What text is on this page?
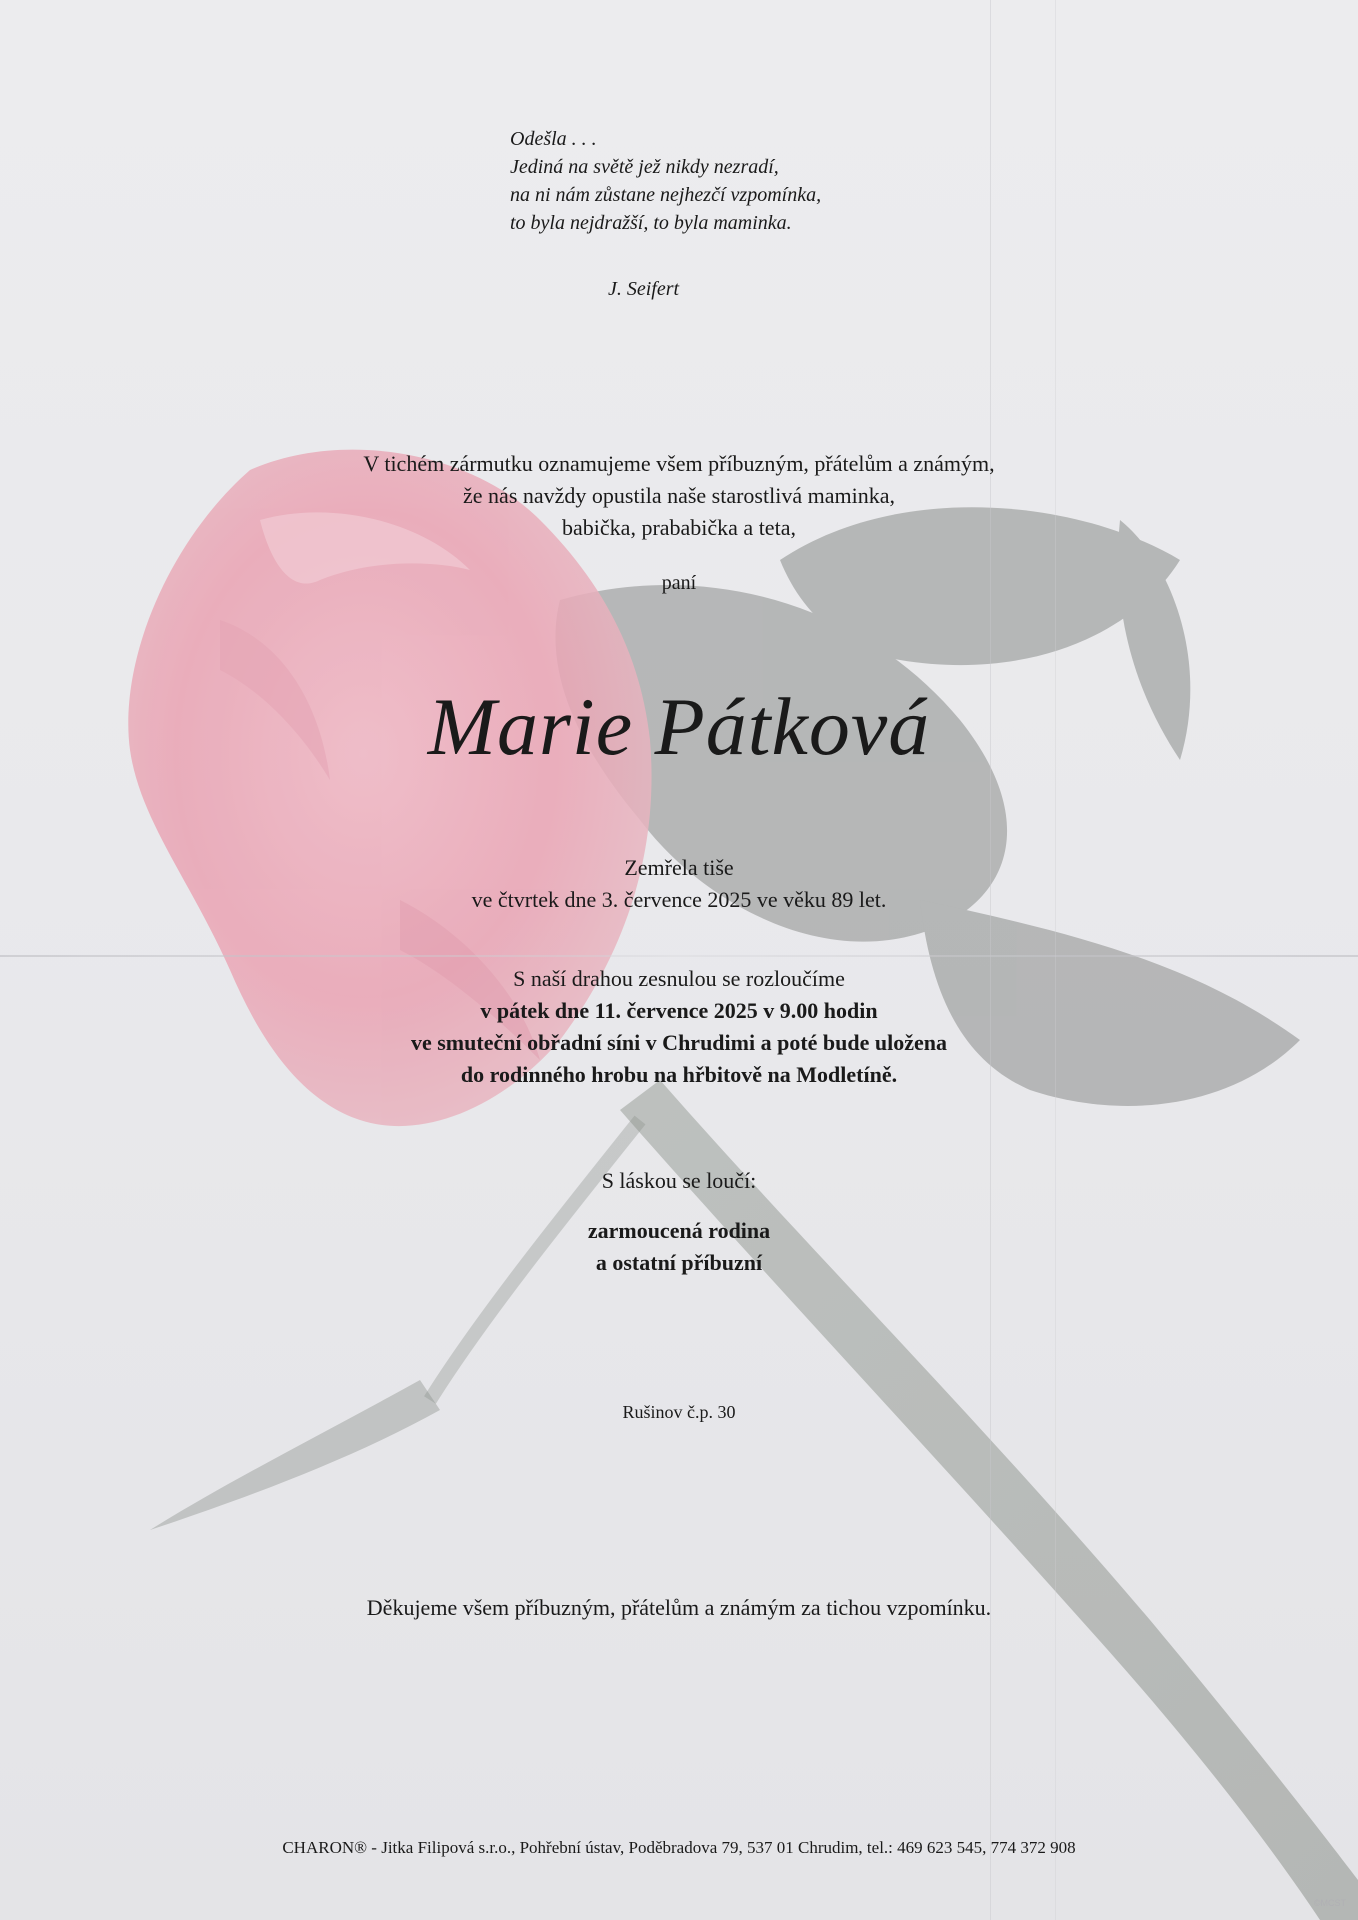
Odešla . . .
Jediná na světě jež nikdy nezradí,
na ni nám zůstane nejhezčí vzpomínka,
to byla nejdražší, to byla maminka.
J. Seifert
V tichém zármutku oznamujeme všem příbuzným, přátelům a známým,
že nás navždy opustila naše starostlivá maminka,
babička, prababička a teta,
paní
Marie Pátková
Zemřela tiše
ve čtvrtek dne 3. července 2025 ve věku 89 let.
S naší drahou zesnulou se rozloučíme
v pátek dne 11. července 2025 v 9.00 hodin
ve smuteční obřadní síni v Chrudimi a poté bude uložena
do rodinného hrobu na hřbitově na Modletíně.
S láskou se loučí:
zarmoucená rodina
a ostatní příbuzní
Rušinov č.p. 30
Děkujeme všem příbuzným, přátelům a známým za tichou vzpomínku.
CHARON® - Jitka Filipová s.r.o., Pohřební ústav, Poděbradova 79, 537 01 Chrudim, tel.: 469 623 545, 774 372 908
©MCST
